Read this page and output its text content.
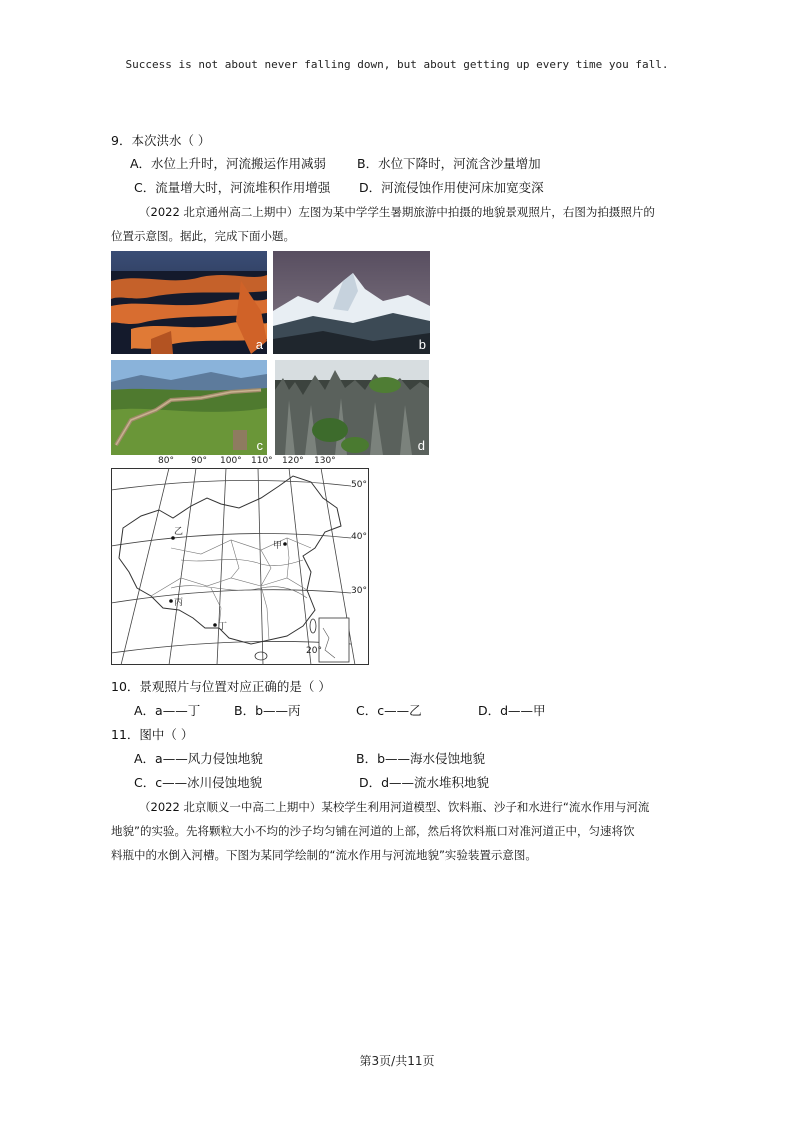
Success is not about never falling down, but about getting up every time you fall.
9．本次洪水（ ）
A．水位上升时，河流搬运作用减弱 B．水位下降时，河流含沙量增加
C．流量增大时，河流堆积作用增强 D．河流侵蚀作用使河床加宽变深
（2022 北京通州高二上期中）左图为某中学学生暑期旅游中拍摄的地貌景观照片，右图为拍摄照片的
位置示意图。据此，完成下面小题。
a	b
c	d
80° 90° 100° 110° 120° 130°
50°
40°
30°
20°
乙
甲
丙
丁
10．景观照片与位置对应正确的是（ ）
A．a——丁	B．b——丙	C．c——乙	D．d——甲
11．图中（ ）
A．a——风力侵蚀地貌	B．b——海水侵蚀地貌
C．c——冰川侵蚀地貌	D．d——流水堆积地貌
（2022 北京顺义一中高二上期中）某校学生利用河道模型、饮料瓶、沙子和水进行“流水作用与河流
地貌”的实验。先将颗粒大小不均的沙子均匀铺在河道的上部，然后将饮料瓶口对准河道正中，匀速将饮
料瓶中的水倒入河槽。下图为某同学绘制的“流水作用与河流地貌”实验装置示意图。
第3页/共11页
